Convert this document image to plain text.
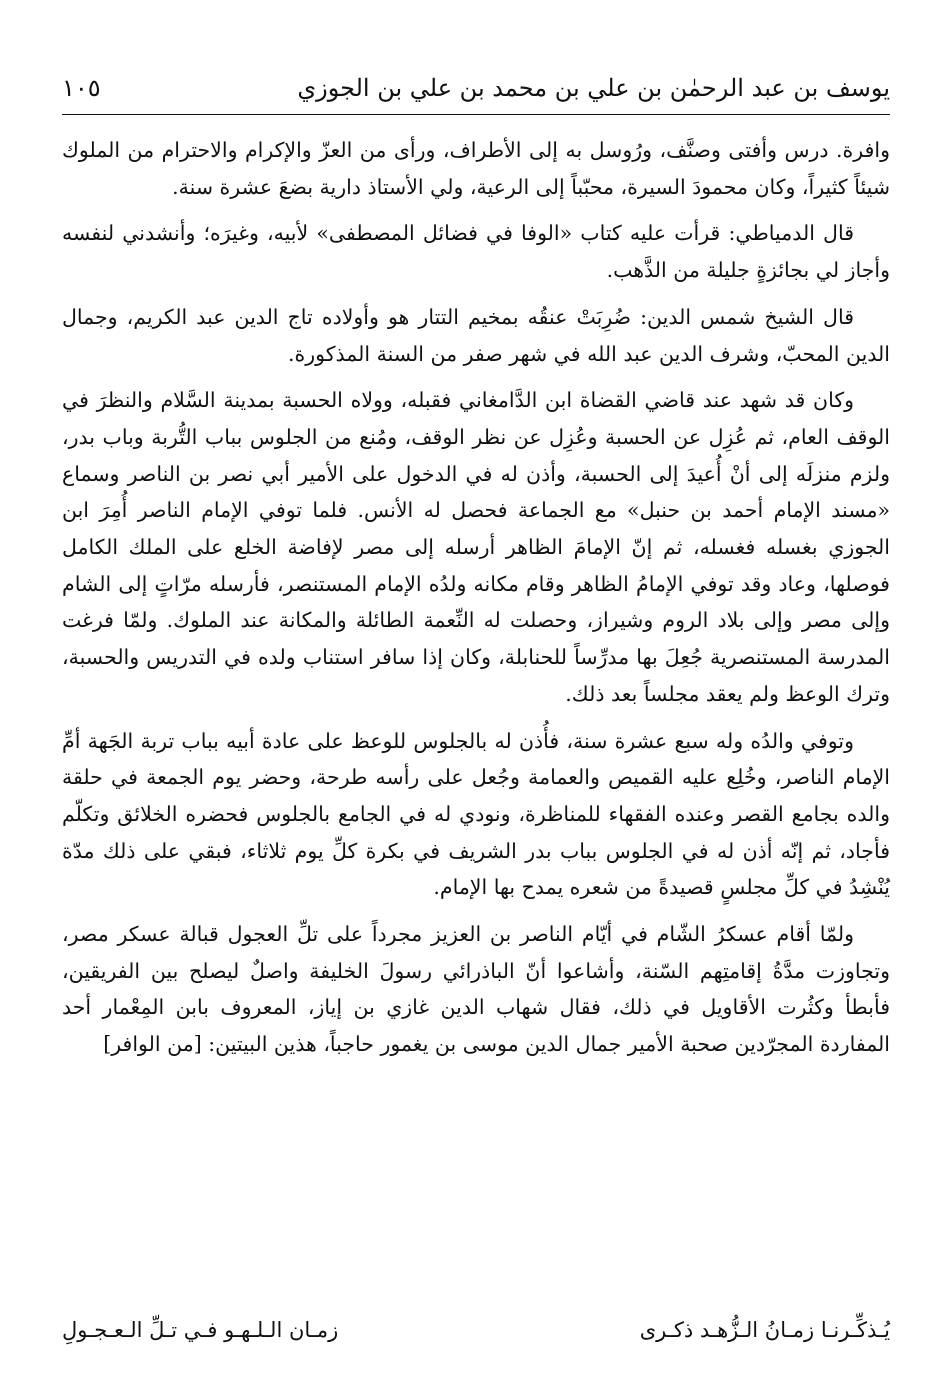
يوسف بن عبد الرحمٰن بن علي بن محمد بن علي بن الجوزي
١٠٥

وافرة. درس وأفتى وصنَّف، ورُوسل به إلى الأطراف، ورأى من العزّ والإكرام والاحترام من الملوك شيئاً كثيراً، وكان محمودَ السيرة، محبّباً إلى الرعية، ولي الأستاذ دارية بضعَ عشرة سنة.

قال الدمياطي: قرأت عليه كتاب «الوفا في فضائل المصطفى» لأبيه، وغيرَه؛ وأنشدني لنفسه وأجاز لي بجائزةٍ جليلة من الذَّهب.

قال الشيخ شمس الدين: ضُرِبَتْ عنقُه بمخيم التتار هو وأولاده تاج الدين عبد الكريم، وجمال الدين المحبّ، وشرف الدين عبد الله في شهر صفر من السنة المذكورة.

وكان قد شهد عند قاضي القضاة ابن الدَّامغاني فقبله، وولاه الحسبة بمدينة السَّلام والنظرَ في الوقف العام، ثم عُزِل عن الحسبة وعُزِل عن نظر الوقف، ومُنع من الجلوس بباب التُّربة وباب بدر، ولزم منزلَه إلى أنْ أُعيدَ إلى الحسبة، وأذن له في الدخول على الأمير أبي نصر بن الناصر وسماع «مسند الإمام أحمد بن حنبل» مع الجماعة فحصل له الأنس. فلما توفي الإمام الناصر أُمِرَ ابن الجوزي بغسله فغسله، ثم إنّ الإمامَ الظاهر أرسله إلى مصر لإفاضة الخلع على الملك الكامل فوصلها، وعاد وقد توفي الإمامُ الظاهر وقام مكانه ولدُه الإمام المستنصر، فأرسله مرّاتٍ إلى الشام وإلى مصر وإلى بلاد الروم وشيراز، وحصلت له النِّعمة الطائلة والمكانة عند الملوك. ولمّا فرغت المدرسة المستنصرية جُعِلَ بها مدرِّساً للحنابلة، وكان إذا سافر استناب ولده في التدريس والحسبة، وترك الوعظ ولم يعقد مجلساً بعد ذلك.

وتوفي والدُه وله سبع عشرة سنة، فأُذن له بالجلوس للوعظ على عادة أبيه بباب تربة الجَهة أمِّ الإمام الناصر، وخُلِع عليه القميص والعمامة وجُعل على رأسه طرحة، وحضر يوم الجمعة في حلقة والده بجامع القصر وعنده الفقهاء للمناظرة، ونودي له في الجامع بالجلوس فحضره الخلائق وتكلّم فأجاد، ثم إنّه أذن له في الجلوس بباب بدر الشريف في بكرة كلِّ يوم ثلاثاء، فبقي على ذلك مدّة يُنْشِدُ في كلِّ مجلسٍ قصيدةً من شعره يمدح بها الإمام.

ولمّا أقام عسكرُ الشّام في أيّام الناصر بن العزيز مجرداً على تلِّ العجول قبالة عسكر مصر، وتجاوزت مدَّةُ إقامتِهم السّنة، وأشاعوا أنّ الباذرائي رسولَ الخليفة واصلٌ ليصلح بين الفريقين، فأبطأ وكثُرت الأقاويل في ذلك، فقال شهاب الدين غازي بن إياز، المعروف بابن المِعْمار أحد المفاردة المجرّدين صحبة الأمير جمال الدين موسى بن يغمور حاجباً، هذين البيتين: [من الوافر]

يُـذكِّـرنـا زمـانُ الـزُّهـد ذكـرى
زمـان الـلـهـو فـي تـلِّ الـعـجـولِ
